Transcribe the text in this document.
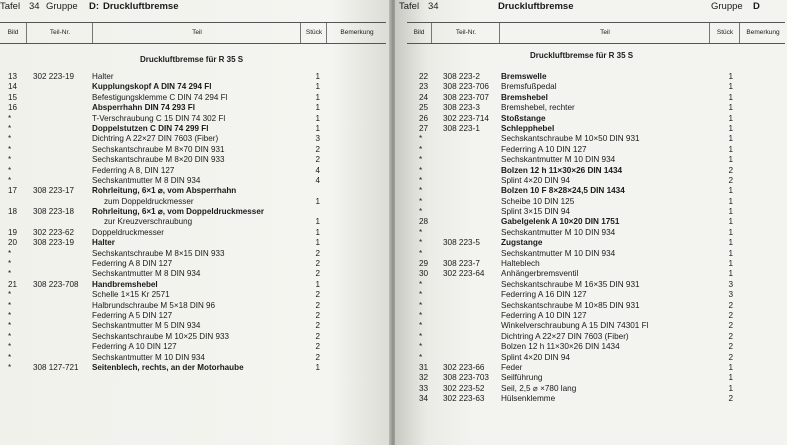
Tafel 34 Gruppe D: Druckluftbremse
Bild	Teil-Nr.	Teil	Stück	Bemerkung
Druckluftbremse für R 35 S
13 302 223-19 Halter	1
14	Kupplungskopf A DIN 74 294 Fl	1
15	Befestigungsklemme C DIN 74 294 Fl	1
16	Absperrhahn DIN 74 293 Fl	1
*	T-Verschraubung C 15 DIN 74 302 Fl	1
*	Doppelstutzen C DIN 74 299 Fl	1
*	Dichtring A 22×27 DIN 7603 (Fiber)	3
*	Sechskantschraube M 8×70 DIN 931	2
*	Sechskantschraube M 8×20 DIN 933	2
*	Federring A 8, DIN 127	4
*	Sechskantmutter M 8 DIN 934	4
17 308 223-17 Rohrleitung, 6×1 ⌀, vom Absperrhahn
zum Doppeldruckmesser	1
18 308 223-18 Rohrleitung, 6×1 ⌀, vom Doppeldruckmesser
zur Kreuzverschraubung	1
19 302 223-62 Doppeldruckmesser	1
20 308 223-19 Halter	1
*	Sechskantschraube M 8×15 DIN 933	2
*	Federring A 8 DIN 127	2
*	Sechskantmutter M 8 DIN 934	2
21 308 223-708 Handbremshebel	1
*	Schelle 1×15 Kr 2571	2
*	Halbrundschraube M 5×18 DIN 96	2
*	Federring A 5 DIN 127	2
*	Sechskantmutter M 5 DIN 934	2
*	Sechskantschraube M 10×25 DIN 933	2
*	Federring A 10 DIN 127	2
*	Sechskantmutter M 10 DIN 934	2
*	308 127-721 Seitenblech, rechts, an der Motorhaube	1
Tafel 34	Druckluftbremse	Gruppe D
Bild	Teil-Nr.	Teil	Stück	Bemerkung
Druckluftbremse für R 35 S
22 308 223-2	Bremswelle	1
23 308 223-706 Bremsfußpedal	1
24 308 223-707 Bremshebel	1
25 308 223-3	Bremshebel, rechter	1
26 302 223-714 Stoßstange	1
27 308 223-1	Schlepphebel	1
*	Sechskantschraube M 10×50 DIN 931	1
*	Federring A 10 DIN 127	1
*	Sechskantmutter M 10 DIN 934	1
*	Bolzen 12 h 11×30×26 DIN 1434	2
*	Splint 4×20 DIN 94	2
*	Bolzen 10 F 8×28×24,5 DIN 1434	1
*	Scheibe 10 DIN 125	1
*	Splint 3×15 DIN 94	1
28	Gabelgelenk A 10×20 DIN 1751	1
*	Sechskantmutter M 10 DIN 934	1
*	308 223-5	Zugstange	1
*	Sechskantmutter M 10 DIN 934	1
29 308 223-7	Halteblech	1
30 302 223-64 Anhängerbremsventil	1
*	Sechskantschraube M 16×35 DIN 931	3
*	Federring A 16 DIN 127	3
*	Sechskantschraube M 10×85 DIN 931	2
*	Federring A 10 DIN 127	2
*	Winkelverschraubung A 15 DIN 74301 Fl	2
*	Dichtring A 22×27 DIN 7603 (Fiber)	2
*	Bolzen 12 h 11×30×26 DIN 1434	2
*	Splint 4×20 DIN 94	2
31 302 223-66 Feder	1
32 308 223-703 Seilführung	1
33 302 223-52 Seil, 2,5 ⌀ ×780 lang	1
34 302 223-63 Hülsenklemme	2
